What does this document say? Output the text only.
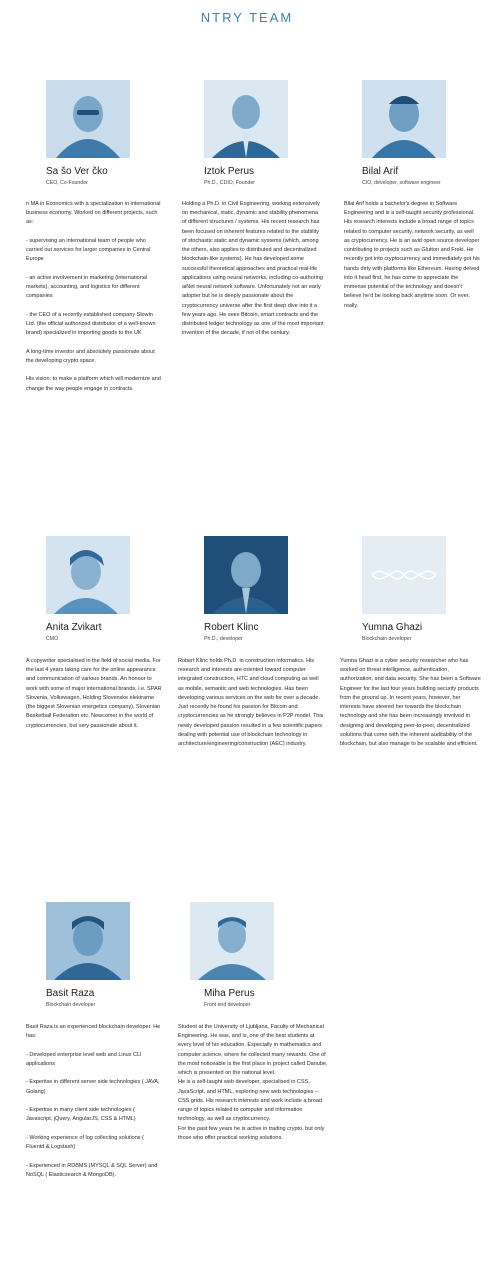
NTRY TEAM
Sa šo Ver čko
CEO, Co-Founder
n MA in Economics with a specialization in international business economy. Worked on different projects, such as:

- supervising an international team of people who carried out services for larger companies in Central Europe

- an active involvement in marketing (international markets), accounting, and logistics for different companies

- the CEO of a recently established company Slowin Ltd. (the official authorized distributor of a well-known brand) specialized in importing goods to the UK

A long-time investor and absolutely passionate about the developing crypto space.

His vision: to make a platform which will modernize and change the way people engage in contracts.
Iztok Perus
Ph.D., CDIO, Founder
Holding a Ph.D. in Civil Engineering, working extensively on mechanical, static, dynamic and stability phenomena of different structures / systems. His recent research has been focused on inherent features related to the stability of stochastic static and dynamic systems (which, among the others, also applies to distributed and decentralized blockchain-like systems). He has developed some successful theoretical approaches and practical real-life applications using neural networks, including co-authoring aiNet neural network software. Unfortunately not an early adopter but he is deeply passionate about the cryptocurrency universe after the first deep dive into it a few years ago. He sees Bitcoin, smart contracts and the distributed ledger technology as one of the most important invention of the decade, if not of the century.
Bilal Arif
CIO, developer, software engineer
Bilal Arif holds a bachelor's degree in Software Engineering and is a self-taught security professional. His research interests include a broad range of topics related to computer security, network security, as well as cryptocurrency. He is an avid open source developer contributing to projects such as Glutton and Freki. He recently got into cryptocurrency and immediately got his hands dirty with platforms like Ethereum. Having delved into it head first, he has come to appreciate the immense potential of the technology and doesn't believe he'd be looking back anytime soon. Or ever, really.
Anita Zvikart
CMO
A copywriter specialised in the field of social media. For the last 4 years taking care for the online appearance and communication of various brands. An honour to work with some of major international brands, i.e. SPAR Slovenia, Volkswagen, Holding Slovenske elektrarne (the biggest Slovenian energetics company), Slovenian Basketball Federation etc. Newcomer in the world of cryptocurrencies, but very passionate about it.
Robert Klinc
Ph.D., developer
Robert Klinc holds Ph.D. in construction informatics. His research and interests are oriented toward computer integrated construction, HTC and cloud computing as well as mobile, semantic and web technologies. Has been developing various services on the web for over a decade. Just recently he found his passion for Bitcoin and cryptocurrencies as he strongly believes in P2P model. This newly developed passion resulted in a few scientific papers dealing with potential use of blockchain technology in architecture/engineering/construction (AEC) industry.
Yumna Ghazi
Blockchain developer
Yumna Ghazi is a cyber security researcher who has worked on threat intelligence, authentication, authorization, and data security. She has been a Software Engineer for the last four years building security products from the ground up. In recent years, however, her interests have steered her towards the blockchain technology and she has been increasingly involved in designing and developing peer-to-peer, decentralized solutions that come with the inherent auditability of the blockchain, but also manage to be scalable and efficient.
Basit Raza
Blockchain developer
Basit Raza is an experienced blockchain developer. He has:

- Developed enterprise level web and Linux CLI applications

- Expertise in different server side technologies ( JAVA, Golang)

- Expertise in many client side technologies ( Javascript, jQuery, AngularJS, CSS & HTML)

- Working experience of log collecting solutions ( Fluentd & Logstash)

- Experienced in RDBMS (MYSQL & SQL Server) and NoSQL ( Elasticsearch & MongoDB).
Miha Perus
Front end developer
Student at the University of Ljubljana, Faculty of Mechanical Engineering. He was, and is, one of the best students at every level of his education. Especially in mathematics and computer science, where he collected many rewards. One of the most noticeable is the first place in project called Danube, which is presented on the national level.
He is a self-taught web developer, specialised in CSS, JavaScript, and HTML, exploring new web technologies – CSS grids. His research interests and work include a broad range of topics related to computer and information technology, as well as cryptocurrency.
For the past few years he is active in trading crypto, but only those who offer practical working solutions.
